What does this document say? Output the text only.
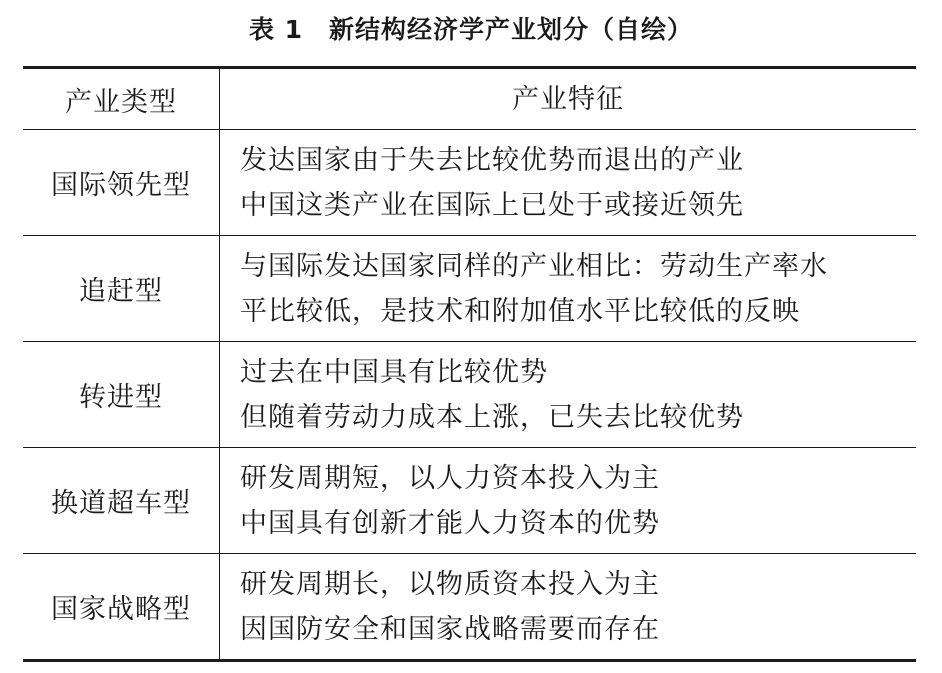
表 1 新结构经济学产业划分（自绘）
产业类型	产业特征
国际领先型
发达国家由于失去比较优势而退出的产业
中国这类产业在国际上已处于或接近领先
追赶型
与国际发达国家同样的产业相比：劳动生产率水
平比较低，是技术和附加值水平比较低的反映
转进型
过去在中国具有比较优势
但随着劳动力成本上涨，已失去比较优势
换道超车型
研发周期短，以人力资本投入为主
中国具有创新才能人力资本的优势
国家战略型
研发周期长，以物质资本投入为主
因国防安全和国家战略需要而存在
